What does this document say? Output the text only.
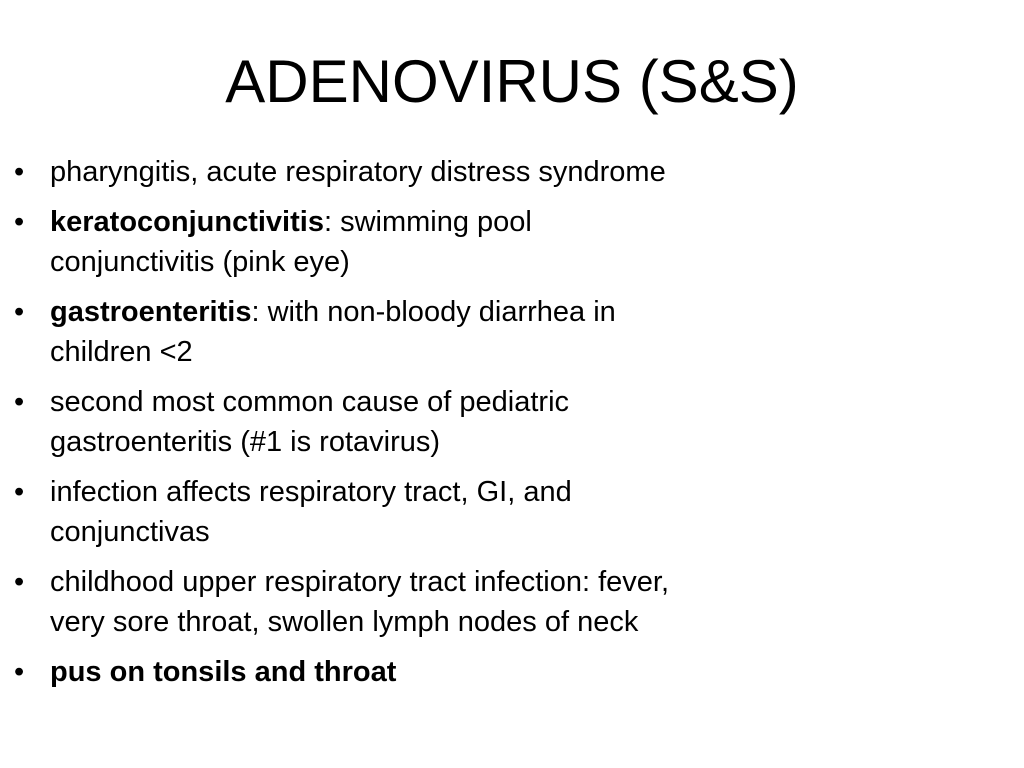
ADENOVIRUS (S&S)
• pharyngitis, acute respiratory distress syndrome
• keratoconjunctivitis: swimming pool
conjunctivitis (pink eye)
• gastroenteritis: with non-bloody diarrhea in
children <2
• second most common cause of pediatric
gastroenteritis (#1 is rotavirus)
• infection affects respiratory tract, GI, and
conjunctivas
• childhood upper respiratory tract infection: fever,
very sore throat, swollen lymph nodes of neck
• pus on tonsils and throat
